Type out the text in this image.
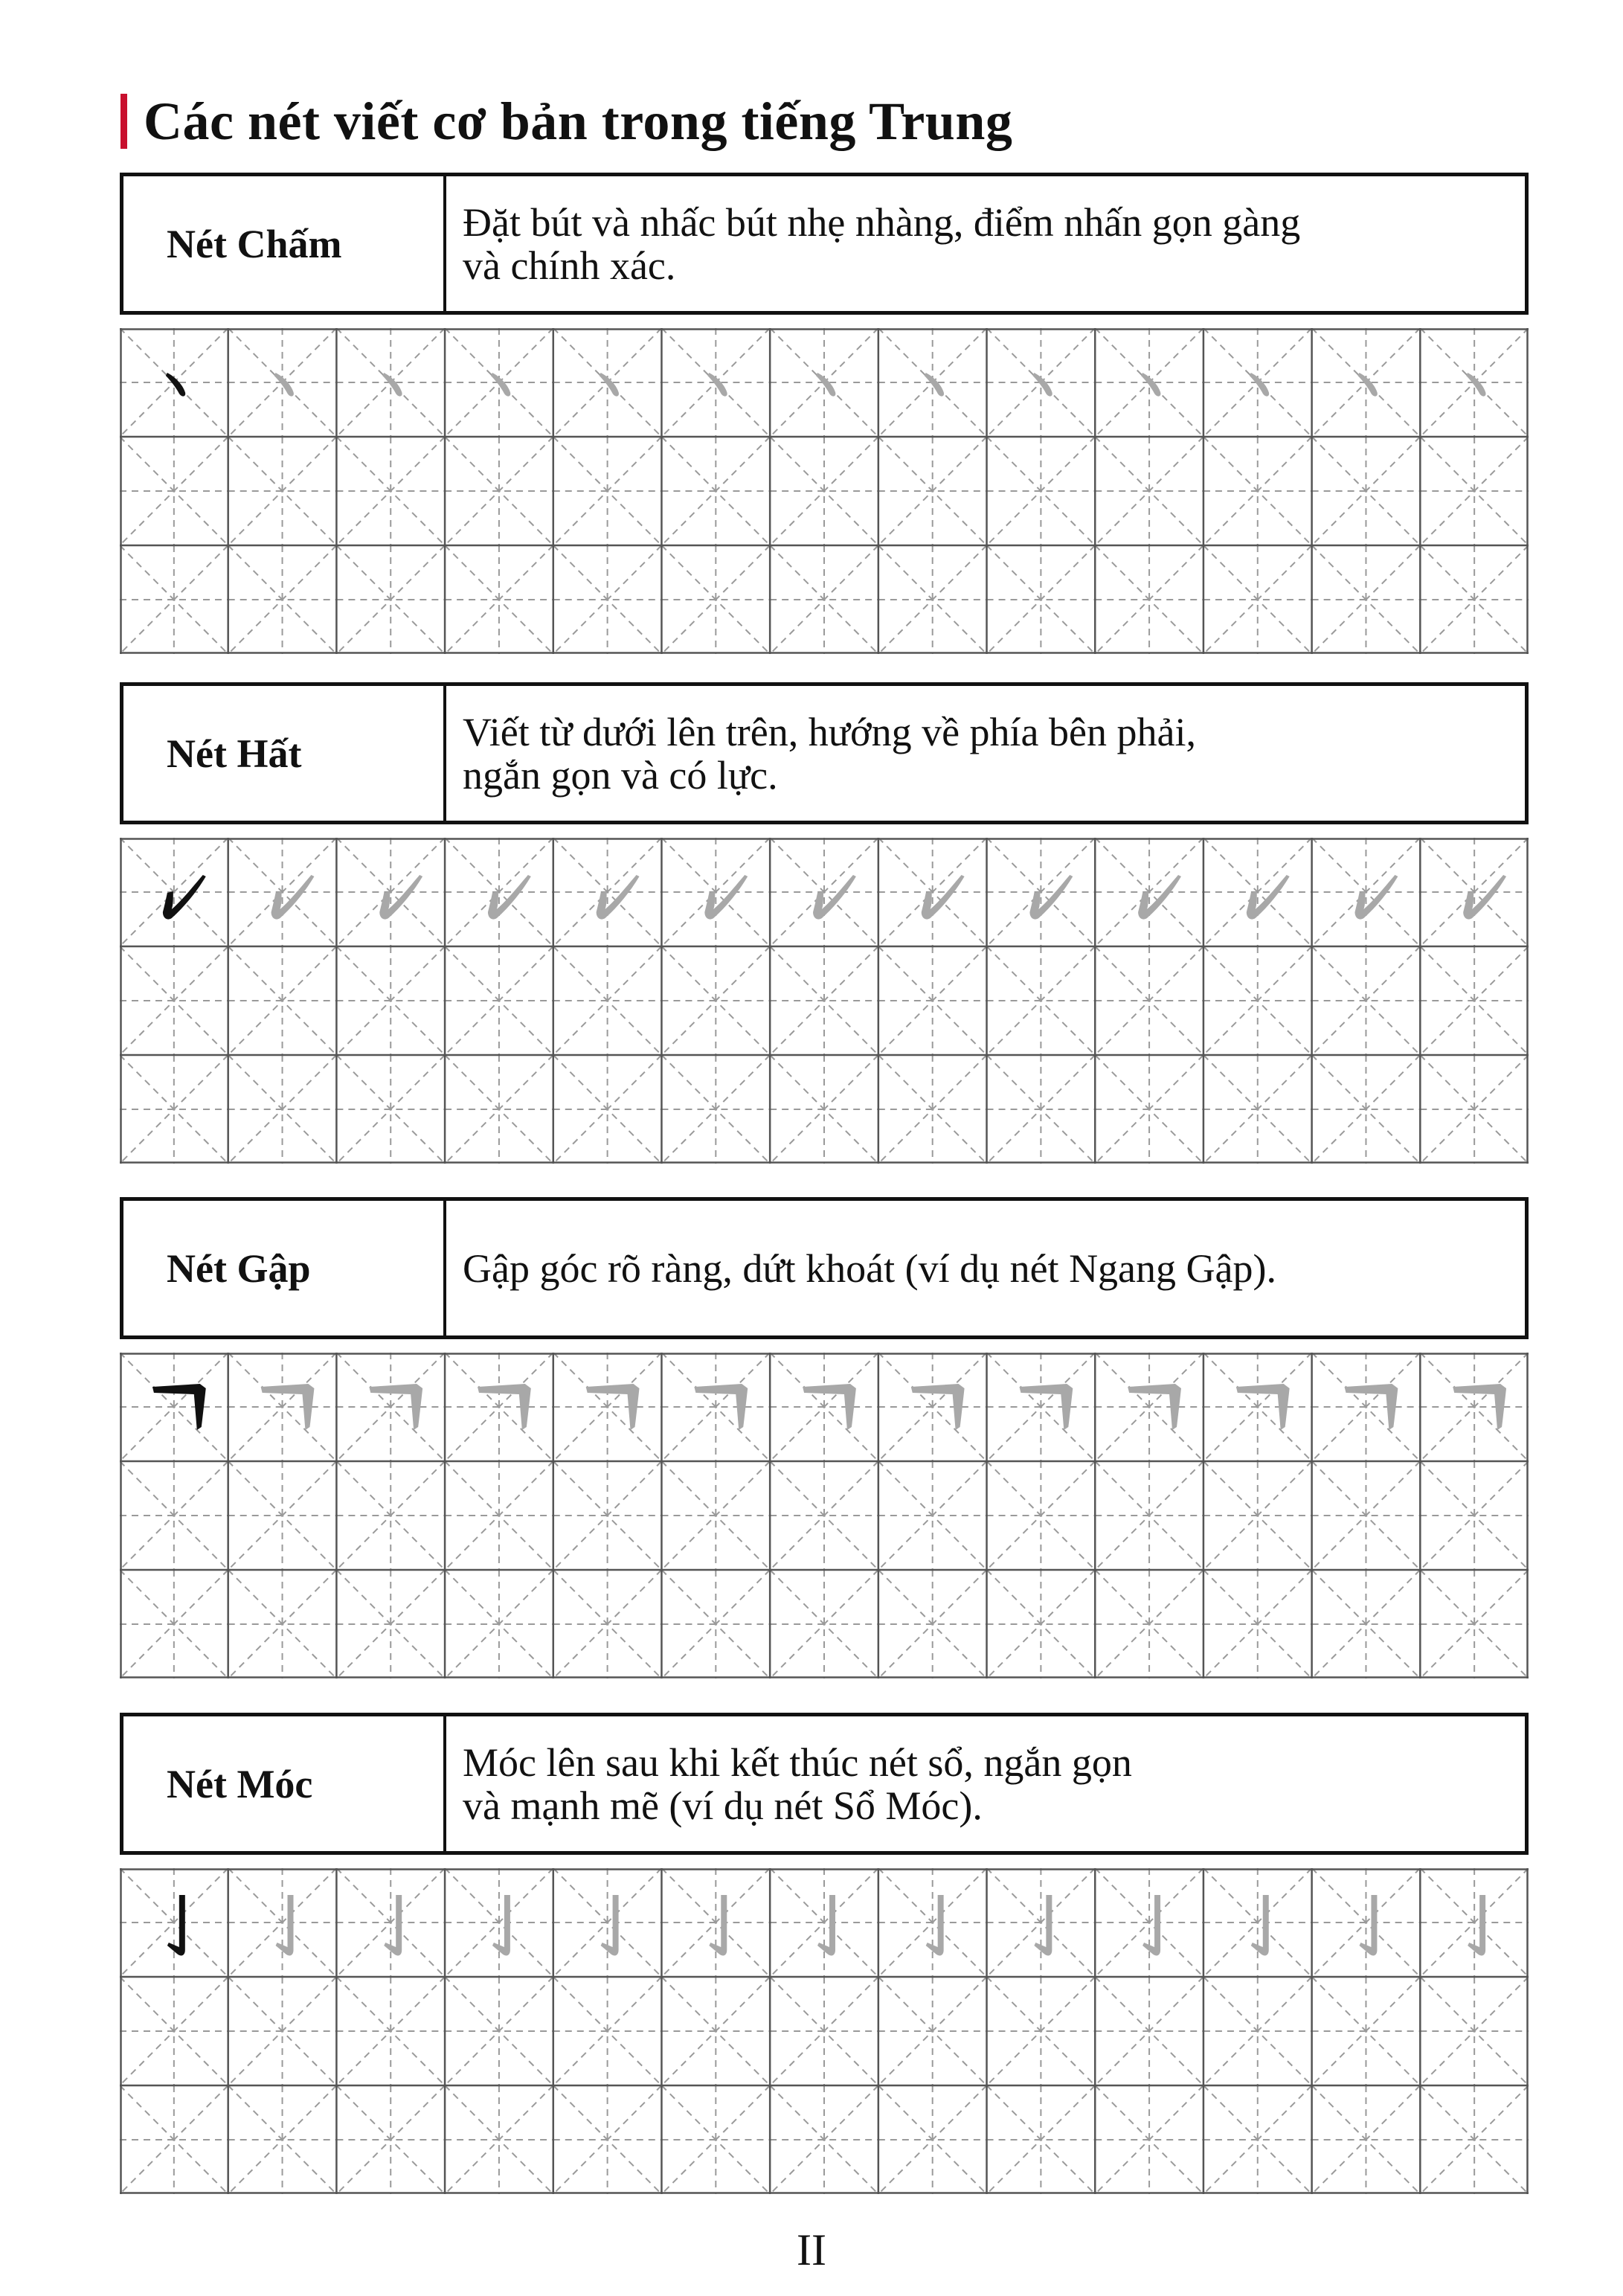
Các nét viết cơ bản trong tiếng Trung
Nét Chấm	Đặt bút và nhấc bút nhẹ nhàng, điểm nhấn gọn gàng
và chính xác.
Nét Hất	Viết từ dưới lên trên, hướng về phía bên phải,
ngắn gọn và có lực.
Nét Gập	Gập góc rõ ràng, dứt khoát (ví dụ nét Ngang Gập).
Nét Móc	Móc lên sau khi kết thúc nét sổ, ngắn gọn
và mạnh mẽ (ví dụ nét Sổ Móc).
II
